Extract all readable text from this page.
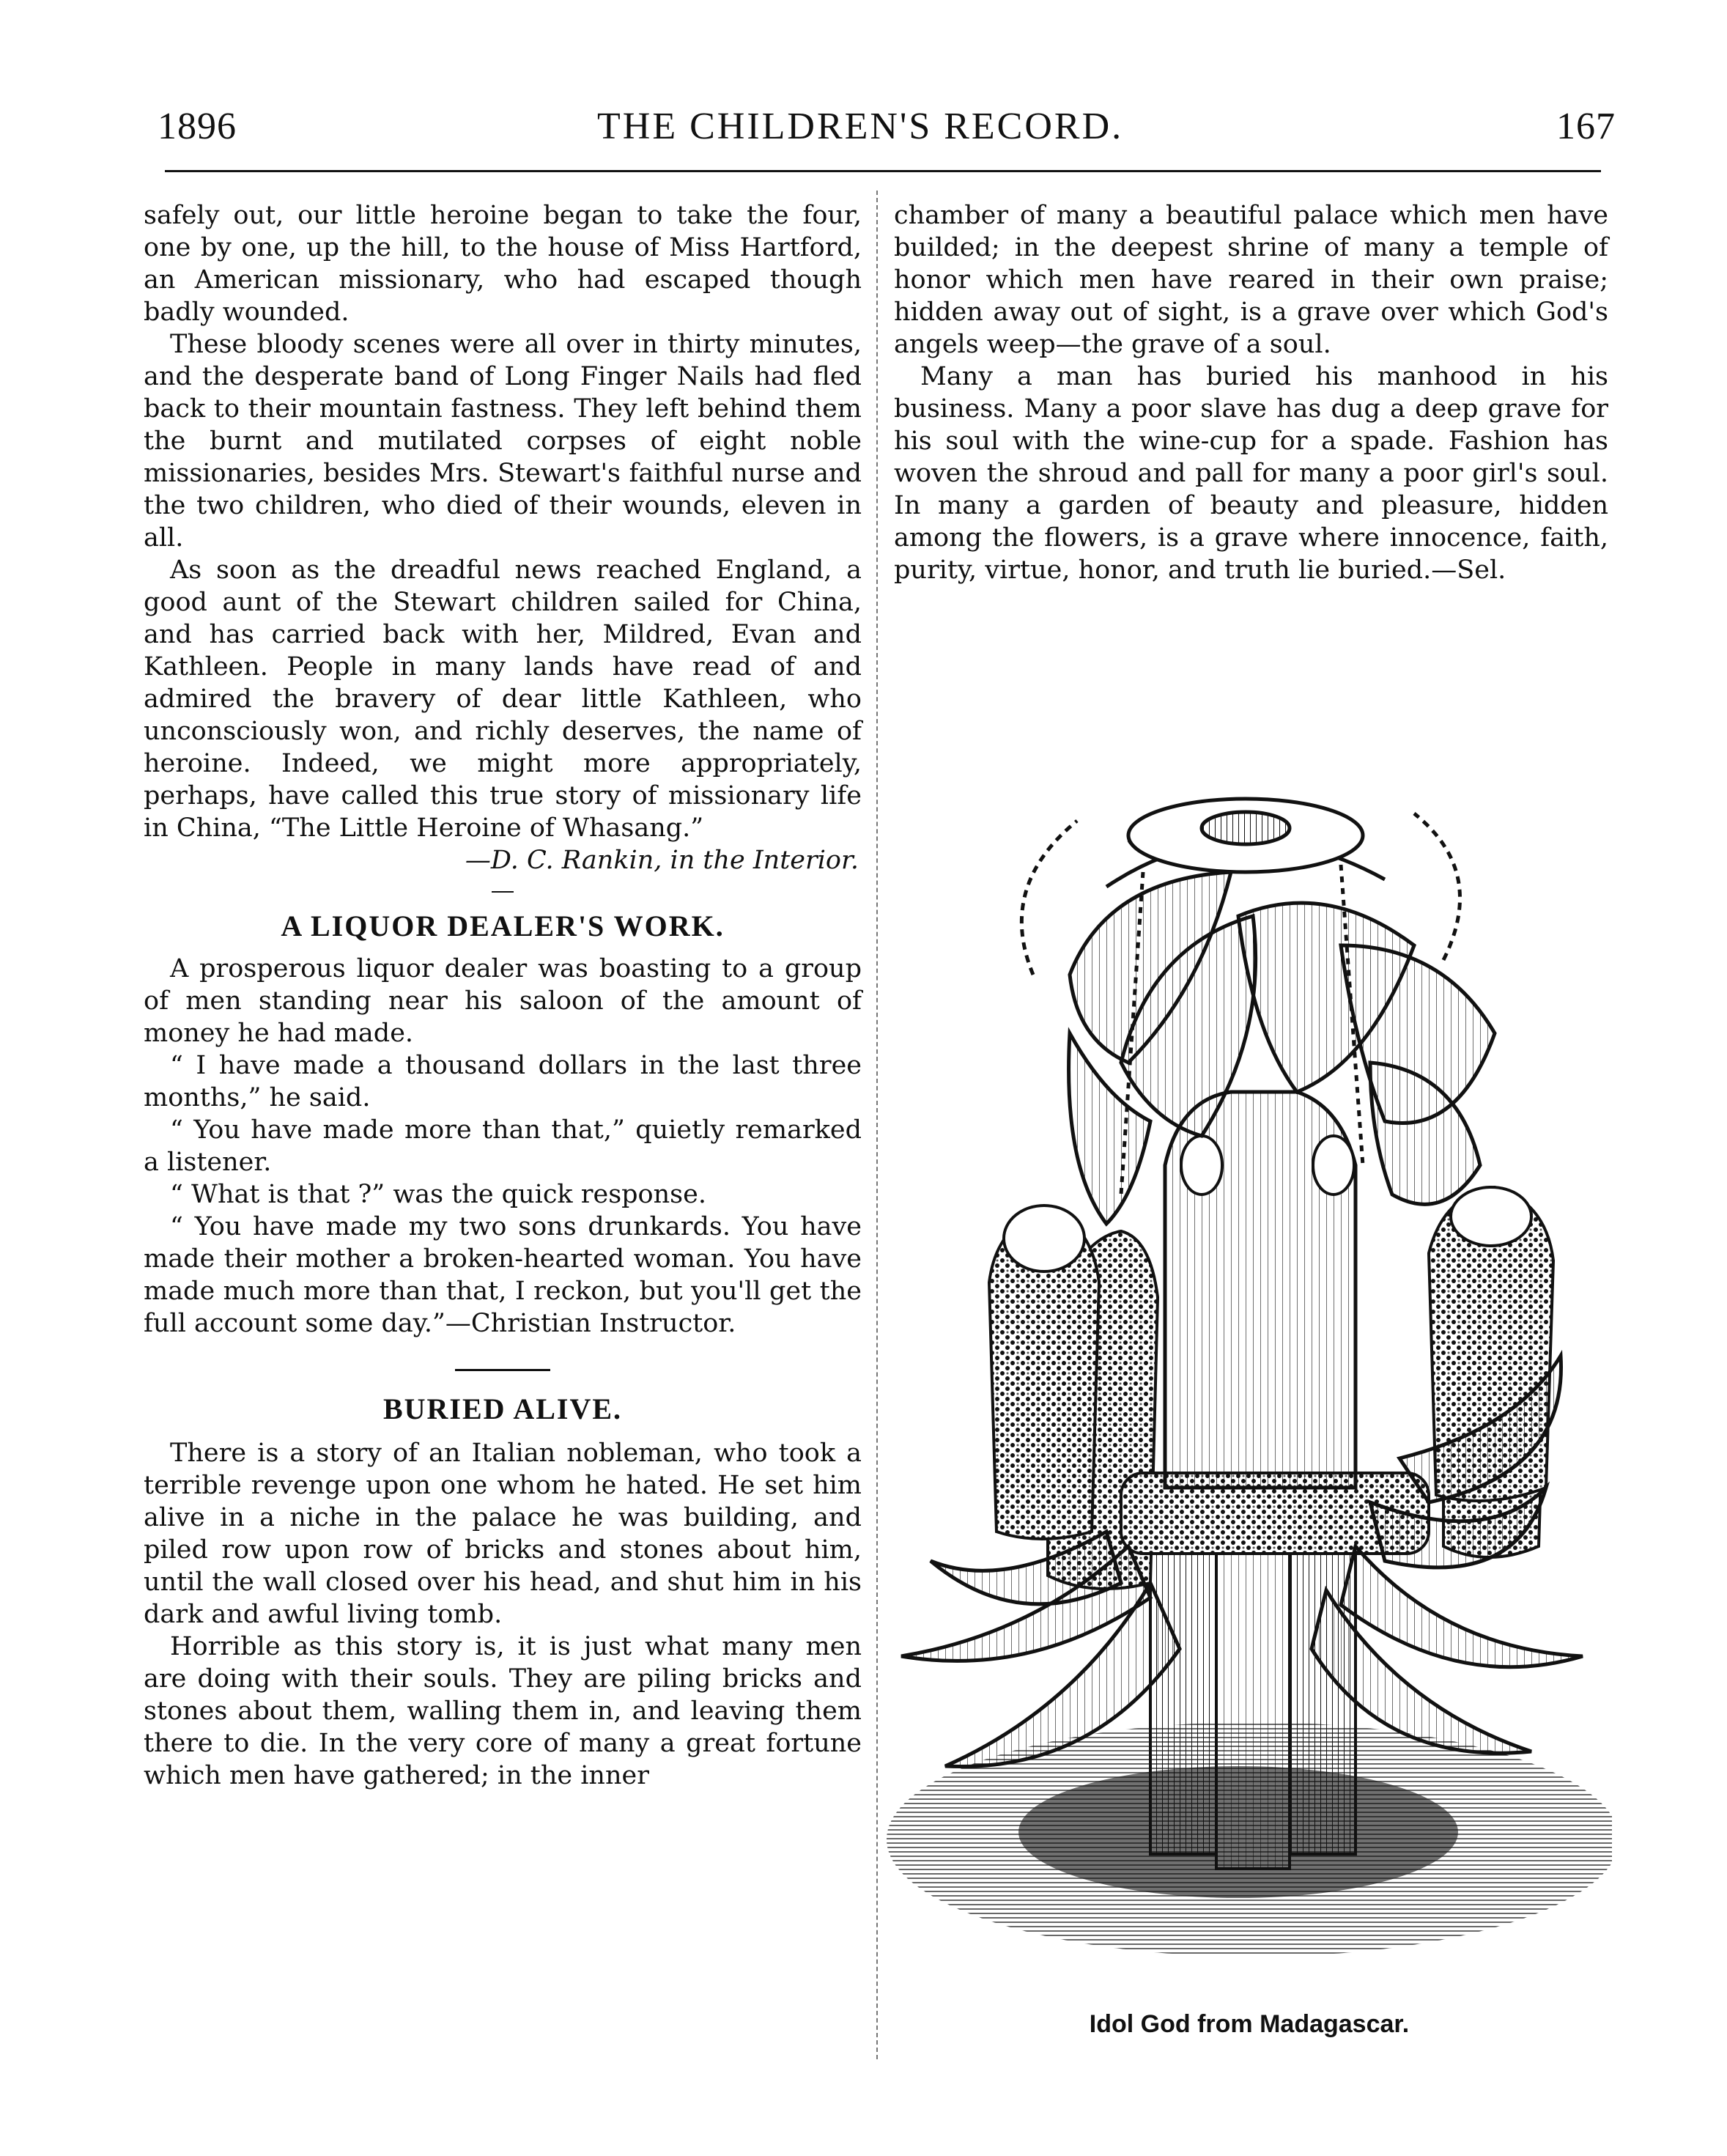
1896	THE CHILDREN'S RECORD.	167

safely out, our little heroine began to take the four, one by one, up the hill, to the house of Miss Hartford, an American missionary, who had escaped though badly wounded.

These bloody scenes were all over in thirty minutes, and the desperate band of Long Finger Nails had fled back to their mountain fastness. They left behind them the burnt and mutilated corpses of eight noble missionaries, besides Mrs. Stewart's faithful nurse and the two children, who died of their wounds, eleven in all.

As soon as the dreadful news reached England, a good aunt of the Stewart children sailed for China, and has carried back with her, Mildred, Evan and Kathleen. People in many lands have read of and admired the bravery of dear little Kathleen, who unconsciously won, and richly deserves, the name of heroine. Indeed, we might more appropriately, perhaps, have called this true story of missionary life in China, “The Little Heroine of Whasang.”

—D. C. Rankin, in the Interior.

A LIQUOR DEALER'S WORK.

A prosperous liquor dealer was boasting to a group of men standing near his saloon of the amount of money he had made.

“ I have made a thousand dollars in the last three months,” he said.

“ You have made more than that,” quietly remarked a listener.

“ What is that ?” was the quick response.

“ You have made my two sons drunkards. You have made their mother a broken-hearted woman. You have made much more than that, I reckon, but you'll get the full account some day.”—Christian Instructor.

BURIED ALIVE.

There is a story of an Italian nobleman, who took a terrible revenge upon one whom he hated. He set him alive in a niche in the palace he was building, and piled row upon row of bricks and stones about him, until the wall closed over his head, and shut him in his dark and awful living tomb.

Horrible as this story is, it is just what many men are doing with their souls. They are piling bricks and stones about them, walling them in, and leaving them there to die. In the very core of many a great fortune which men have gathered; in the inner

chamber of many a beautiful palace which men have builded; in the deepest shrine of many a temple of honor which men have reared in their own praise; hidden away out of sight, is a grave over which God's angels weep—the grave of a soul.

Many a man has buried his manhood in his business. Many a poor slave has dug a deep grave for his soul with the wine-cup for a spade. Fashion has woven the shroud and pall for many a poor girl's soul. In many a garden of beauty and pleasure, hidden among the flowers, is a grave where innocence, faith, purity, virtue, honor, and truth lie buried.—Sel.

Idol God from Madagascar.
